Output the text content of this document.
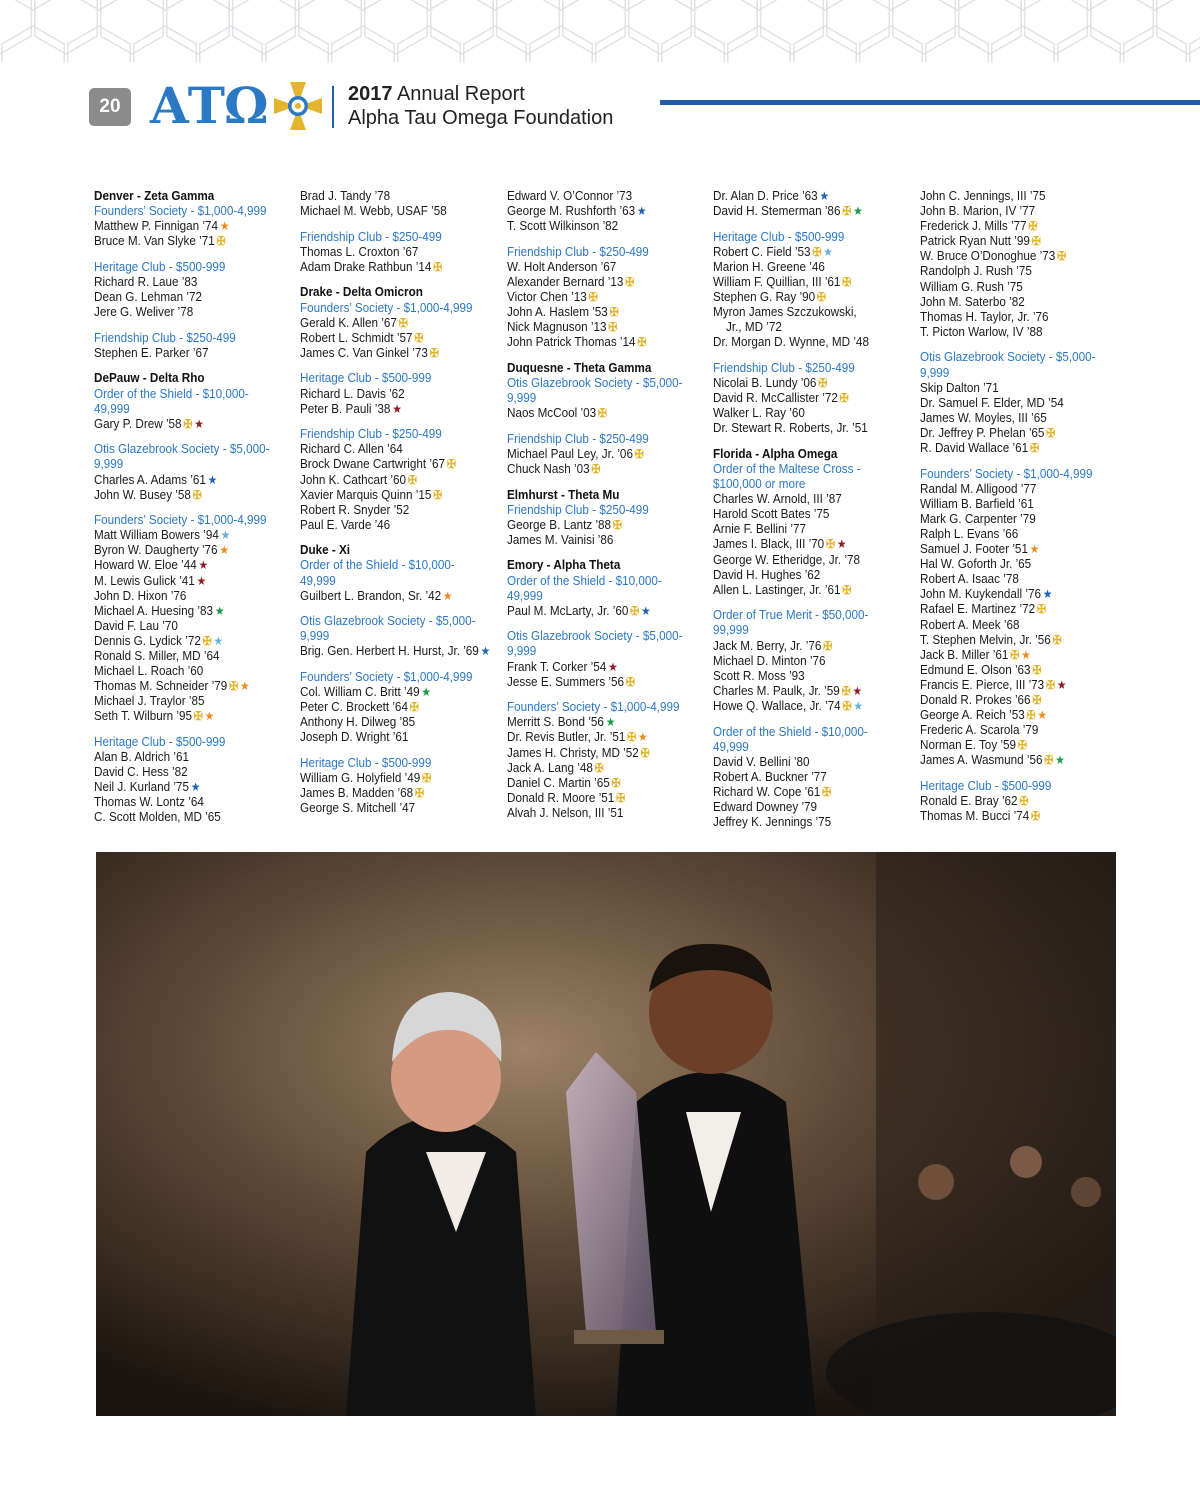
20 ΑΤΩ	2017 Annual Report
Alpha Tau Omega Foundation
Denver - Zeta Gamma
Founders’ Society - $1,000-4,999
Matthew P. Finnigan ’74 ★
Bruce M. Van Slyke ’71 ✠
Heritage Club - $500-999
Richard R. Laue ’83
Dean G. Lehman ’72
Jere G. Weliver ’78
Friendship Club - $250-499
Stephen E. Parker ’67
DePauw - Delta Rho
Order of the Shield - $10,000-49,999
Gary P. Drew ’58 ✠ ★
Otis Glazebrook Society - $5,000-9,999
Charles A. Adams ’61 ★
John W. Busey ’58 ✠
Founders’ Society - $1,000-4,999
Matt William Bowers ’94 ★
Byron W. Daugherty ’76 ★
Howard W. Eloe ’44 ★
M. Lewis Gulick ’41 ★
John D. Hixon ’76
Michael A. Huesing ’83 ★
David F. Lau ’70
Dennis G. Lydick ’72 ✠ ★
Ronald S. Miller, MD ’64
Michael L. Roach ’60
Thomas M. Schneider ’79 ✠ ★
Michael J. Traylor ’85
Seth T. Wilburn ’95 ✠ ★
Heritage Club - $500-999
Alan B. Aldrich ’61
David C. Hess ’82
Neil J. Kurland ’75 ★
Thomas W. Lontz ’64
C. Scott Molden, MD ’65
Brad J. Tandy ’78
Michael M. Webb, USAF ’58
Friendship Club - $250-499
Thomas L. Croxton ’67
Adam Drake Rathbun ’14 ✠
Drake - Delta Omicron
Founders’ Society - $1,000-4,999
Gerald K. Allen ’67 ✠
Robert L. Schmidt ’57 ✠
James C. Van Ginkel ’73 ✠
Heritage Club - $500-999
Richard L. Davis ’62
Peter B. Pauli ’38 ★
Friendship Club - $250-499
Richard C. Allen ’64
Brock Dwane Cartwright ’67 ✠
John K. Cathcart ’60 ✠
Xavier Marquis Quinn ’15 ✠
Robert R. Snyder ’52
Paul E. Varde ’46
Duke - Xi
Order of the Shield - $10,000-49,999
Guilbert L. Brandon, Sr. ’42 ★
Otis Glazebrook Society - $5,000-9,999
Brig. Gen. Herbert H. Hurst, Jr. ’69 ★
Founders’ Society - $1,000-4,999
Col. William C. Britt ’49 ★
Peter C. Brockett ’64 ✠
Anthony H. Dilweg ’85
Joseph D. Wright ’61
Heritage Club - $500-999
William G. Holyfield ’49 ✠
James B. Madden ’68 ✠
George S. Mitchell ’47
Edward V. O’Connor ’73
George M. Rushforth ’63 ★
T. Scott Wilkinson ’82
Friendship Club - $250-499
W. Holt Anderson ’67
Alexander Bernard ’13 ✠
Victor Chen ’13 ✠
John A. Haslem ’53 ✠
Nick Magnuson ’13 ✠
John Patrick Thomas ’14 ✠
Duquesne - Theta Gamma
Otis Glazebrook Society - $5,000-9,999
Naos McCool ’03 ✠
Friendship Club - $250-499
Michael Paul Ley, Jr. ’06 ✠
Chuck Nash ’03 ✠
Elmhurst - Theta Mu
Friendship Club - $250-499
George B. Lantz ’88 ✠
James M. Vainisi ’86
Emory - Alpha Theta
Order of the Shield - $10,000-49,999
Paul M. McLarty, Jr. ’60 ✠ ★
Otis Glazebrook Society - $5,000-9,999
Frank T. Corker ’54 ★
Jesse E. Summers ’56 ✠
Founders’ Society - $1,000-4,999
Merritt S. Bond ’56 ★
Dr. Revis Butler, Jr. ’51 ✠ ★
James H. Christy, MD ’52 ✠
Jack A. Lang ’48 ✠
Daniel C. Martin ’65 ✠
Donald R. Moore ’51 ✠
Alvah J. Nelson, III ’51
Dr. Alan D. Price ’63 ★
David H. Stemerman ’86 ✠ ★
Heritage Club - $500-999
Robert C. Field ’53 ✠ ★
Marion H. Greene ’46
William F. Quillian, III ’61 ✠
Stephen G. Ray ’90 ✠
Myron James Szczukowski,
Jr., MD ’72
Dr. Morgan D. Wynne, MD ’48
Friendship Club - $250-499
Nicolai B. Lundy ’06 ✠
David R. McCallister ’72 ✠
Walker L. Ray ’60
Dr. Stewart R. Roberts, Jr. ’51
Florida - Alpha Omega
Order of the Maltese Cross - $100,000 or more
Charles W. Arnold, III ’87
Harold Scott Bates ’75
Arnie F. Bellini ’77
James I. Black, III ’70 ✠ ★
George W. Etheridge, Jr. ’78
David H. Hughes ’62
Allen L. Lastinger, Jr. ’61 ✠
Order of True Merit - $50,000-99,999
Jack M. Berry, Jr. ’76 ✠
Michael D. Minton ’76
Scott R. Moss ’93
Charles M. Paulk, Jr. ’59 ✠ ★
Howe Q. Wallace, Jr. ’74 ✠ ★
Order of the Shield - $10,000-49,999
David V. Bellini ’80
Robert A. Buckner ’77
Richard W. Cope ’61 ✠
Edward Downey ’79
Jeffrey K. Jennings ’75
John C. Jennings, III ’75
John B. Marion, IV ’77
Frederick J. Mills ’77 ✠
Patrick Ryan Nutt ’99 ✠
W. Bruce O’Donoghue ’73 ✠
Randolph J. Rush ’75
William G. Rush ’75
John M. Saterbo ’82
Thomas H. Taylor, Jr. ’76
T. Picton Warlow, IV ’88
Otis Glazebrook Society - $5,000-9,999
Skip Dalton ’71
Dr. Samuel F. Elder, MD ’54
James W. Moyles, III ’65
Dr. Jeffrey P. Phelan ’65 ✠
R. David Wallace ’61 ✠
Founders’ Society - $1,000-4,999
Randal M. Alligood ’77
William B. Barfield ’61
Mark G. Carpenter ’79
Ralph L. Evans ’66
Samuel J. Footer ’51 ★
Hal W. Goforth Jr. ’65
Robert A. Isaac ’78
John M. Kuykendall ’76 ★
Rafael E. Martinez ’72 ✠
Robert A. Meek ’68
T. Stephen Melvin, Jr. ’56 ✠
Jack B. Miller ’61 ✠ ★
Edmund E. Olson ’63 ✠
Francis E. Pierce, III ’73 ✠ ★
Donald R. Prokes ’66 ✠
George A. Reich ’53 ✠ ★
Frederic A. Scarola ’79
Norman E. Toy ’59 ✠
James A. Wasmund ’56 ✠ ★
Heritage Club - $500-999
Ronald E. Bray ’62 ✠
Thomas M. Bucci ’74 ✠
